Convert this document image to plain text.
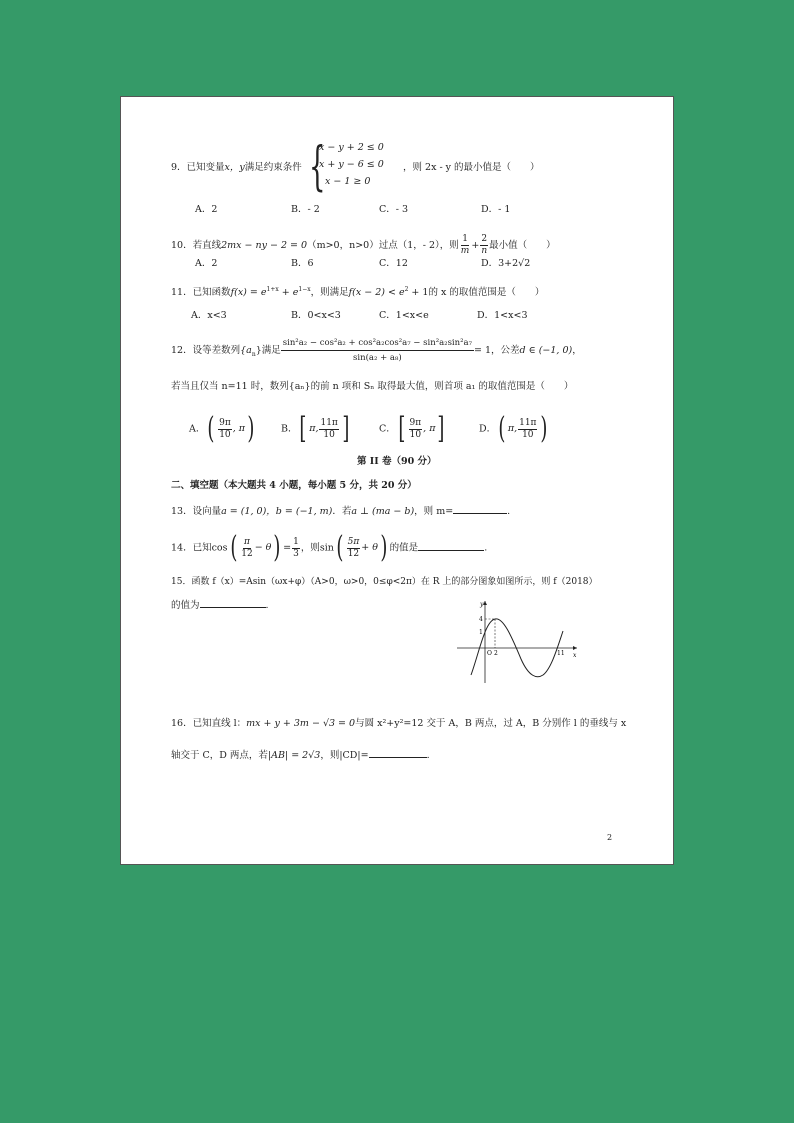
9．已知变量x，y满足约束条件 {
x − y + 2 ≤ 0
x + y − 6 ≤ 0
x − 1 ≥ 0
，则 2x - y 的最小值是（　　）
A．2	B．- 2	C．- 3	D．- 1
10．若直线2mx − ny − 2 = 0（m>0，n>0）过点（1，- 2），则 $\frac{1}{m} + \frac{2}{n}$ 最小值（　　）
A．2	B．6	C．12	D．3+2√2
11．已知函数$f(x) = e^{1+x} + e^{1-x}$，则满足$f(x - 2) < e^2 + 1$的 x 的取值范围是（　　）
A．x<3	B．0<x<3	C．1<x<e	D．1<x<3
12．设等差数列$\{a_n\}$满足 $\frac{\text{sin²a₂ − cos²a₂ + cos²a₂cos²a₇ − sin²a₂sin²a₇}}{\text{sin(a₂ + a₈)}} = 1$，公差d ∈ (−1, 0)，
若当且仅当 n=11 时，数列{aₙ}的前 n 项和 Sₙ 取得最大值，则首项 a₁ 的取值范围是（　　）
A． ( $\frac{9\pi}{10}$ , π )	B． [ π, $\frac{11\pi}{10}$ ]	C． [ $\frac{9\pi}{10}$ , π ]	D． ( π, $\frac{11\pi}{10}$ )
第 II 卷（90 分）
二、填空题（本大题共 4 小题，每小题 5 分，共 20 分）
13．设向量a = (1, 0)，b = (−1, m)．若a ⊥ (ma − b)，则 m=	.
14．已知cos ( $\frac{\pi}{12} - \theta$ ) = $\frac{1}{3}$ ，则sin ( $\frac{5\pi}{12} + \theta$ ) 的值是	.
15．函数 f（x）=Asin（ωx+φ）（A>0，ω>0，0≤φ<2π）在 R 上的部分图象如图所示，则 f（2018）
的值为	.	y
x
4
1
O 2	11
16．已知直线 l：mx + y + 3m − √3 = 0与圆 x²+y²=12 交于 A，B 两点，过 A，B 分别作 l 的垂线与 x
轴交于 C，D 两点，若|AB| = 2√3，则|CD|=	.
2
